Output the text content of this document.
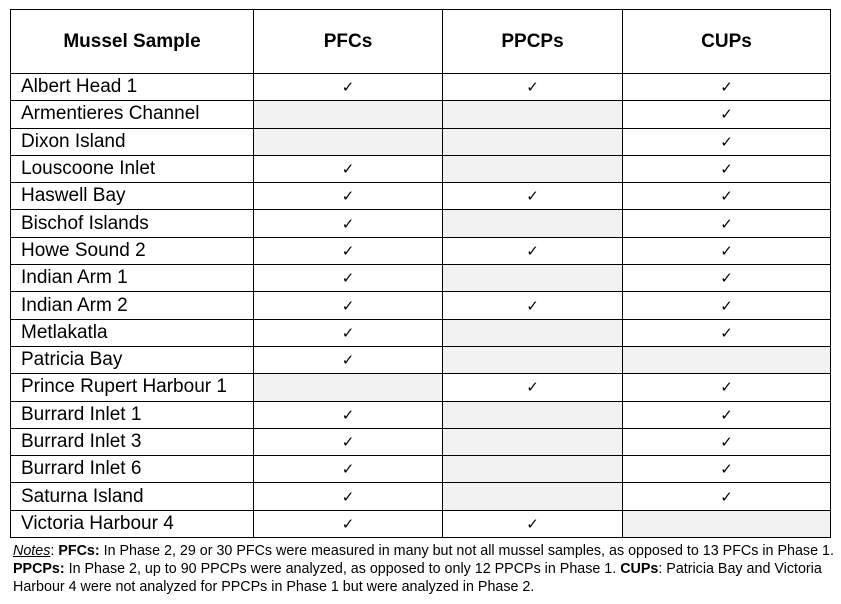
Mussel Sample	PFCs	PPCPs	CUPs
Albert Head 1	✓	✓	✓
Armentieres Channel			✓
Dixon Island			✓
Louscoone Inlet	✓		✓
Haswell Bay	✓	✓	✓
Bischof Islands	✓		✓
Howe Sound 2	✓	✓	✓
Indian Arm 1	✓		✓
Indian Arm 2	✓	✓	✓
Metlakatla	✓		✓
Patricia Bay	✓		
Prince Rupert Harbour 1		✓	✓
Burrard Inlet 1	✓		✓
Burrard Inlet 3	✓		✓
Burrard Inlet 6	✓		✓
Saturna Island	✓		✓
Victoria Harbour 4	✓	✓	
Notes: PFCs: In Phase 2, 29 or 30 PFCs were measured in many but not all mussel samples, as opposed to 13 PFCs in Phase 1. PPCPs: In Phase 2, up to 90 PPCPs were analyzed, as opposed to only 12 PPCPs in Phase 1. CUPs: Patricia Bay and Victoria Harbour 4 were not analyzed for PPCPs in Phase 1 but were analyzed in Phase 2.
